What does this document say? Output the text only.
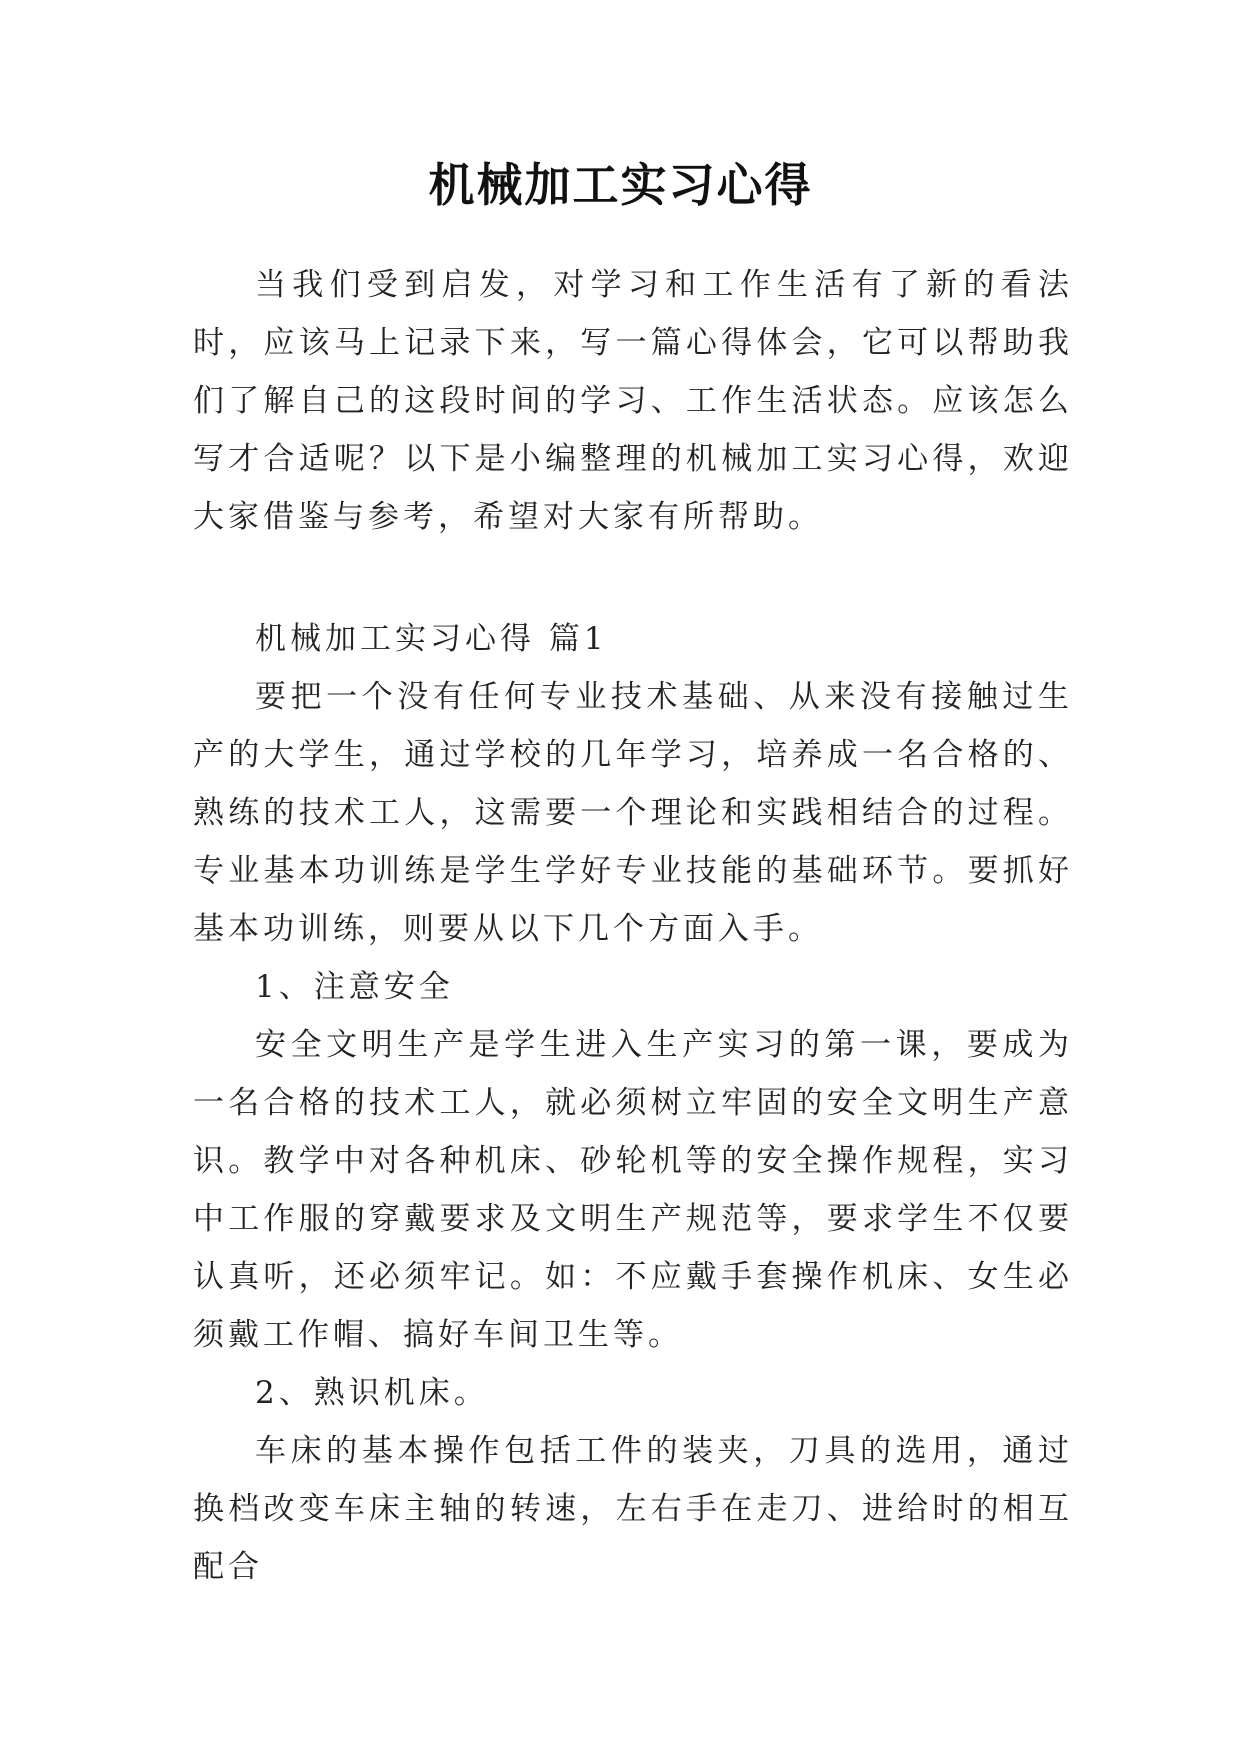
机械加工实习心得

当我们受到启发，对学习和工作生活有了新的看法时，应该马上记录下来，写一篇心得体会，它可以帮助我们了解自己的这段时间的学习、工作生活状态。应该怎么写才合适呢？以下是小编整理的机械加工实习心得，欢迎大家借鉴与参考，希望对大家有所帮助。

机械加工实习心得 篇1

要把一个没有任何专业技术基础、从来没有接触过生产的大学生，通过学校的几年学习，培养成一名合格的、熟练的技术工人，这需要一个理论和实践相结合的过程。专业基本功训练是学生学好专业技能的基础环节。要抓好基本功训练，则要从以下几个方面入手。

1、注意安全

安全文明生产是学生进入生产实习的第一课，要成为一名合格的技术工人，就必须树立牢固的安全文明生产意识。教学中对各种机床、砂轮机等的安全操作规程，实习中工作服的穿戴要求及文明生产规范等，要求学生不仅要认真听，还必须牢记。如：不应戴手套操作机床、女生必须戴工作帽、搞好车间卫生等。

2、熟识机床。

车床的基本操作包括工件的装夹，刀具的选用，通过换档改变车床主轴的转速，左右手在走刀、进给时的相互配合
